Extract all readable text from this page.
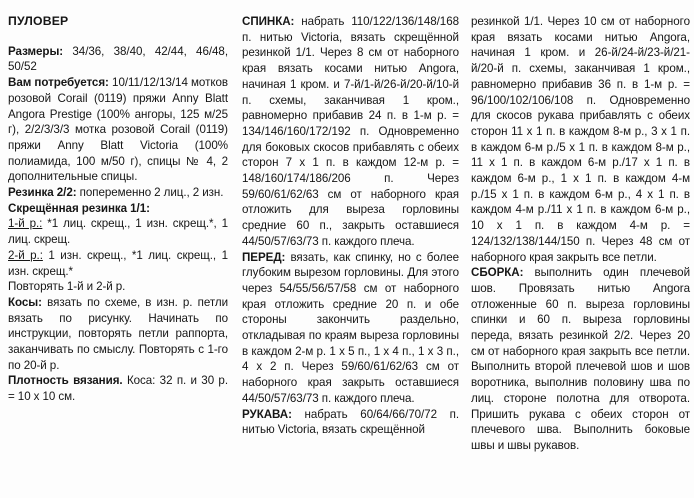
ПУЛОВЕР

Размеры: 34/36, 38/40, 42/44, 46/48, 50/52

Вам потребуется: 10/11/12/13/14 мотков розовой Corail (0119) пряжи Anny Blatt Angora Prestige (100% ангоры, 125 м/25 г), 2/2/3/3/3 мотка розовой Corail (0119) пряжи Anny Blatt Victoria (100% полиамида, 100 м/50 г), спицы № 4, 2 дополнительные спицы.

Резинка 2/2: попеременно 2 лиц., 2 изн.

Скрещённая резинка 1/1:

1-й р.: *1 лиц. скрещ., 1 изн. скрещ.*, 1 лиц. скрещ.

2-й р.: 1 изн. скрещ., *1 лиц. скрещ., 1 изн. скрещ.*

Повторять 1-й и 2-й р.

Косы: вязать по схеме, в изн. р. петли вязать по рисунку. Начинать по инструкции, повторять петли раппорта, заканчивать по смыслу. Повторять с 1-го по 20-й р.

Плотность вязания. Коса: 32 п. и 30 р. = 10 x 10 см.

СПИНКА: набрать 110/122/136/148/168 п. нитью Victoria, вязать скрещённой резинкой 1/1. Через 8 см от наборного края вязать косами нитью Angora, начиная 1 кром. и 7-й/1-й/26-й/20-й/10-й п. схемы, заканчивая 1 кром., равномерно прибавив 24 п. в 1-м р. = 134/146/160/172/192 п. Одновременно для боковых скосов прибавлять с обеих сторон 7 x 1 п. в каждом 12-м р. = 148/160/174/186/206 п. Через 59/60/61/62/63 см от наборного края отложить для выреза горловины средние 60 п., закрыть оставшиеся 44/50/57/63/73 п. каждого плеча.

ПЕРЕД: вязать, как спинку, но с более глубоким вырезом горловины. Для этого через 54/55/56/57/58 см от наборного края отложить средние 20 п. и обе стороны закончить раздельно, откладывая по краям выреза горловины в каждом 2-м р. 1 x 5 п., 1 x 4 п., 1 x 3 п., 4 x 2 п. Через 59/60/61/62/63 см от наборного края закрыть оставшиеся 44/50/57/63/73 п. каждого плеча.

РУКАВА: набрать 60/64/66/70/72 п. нитью Victoria, вязать скрещённой

резинкой 1/1. Через 10 см от наборного края вязать косами нитью Angora, начиная 1 кром. и 26-й/24-й/23-й/21-й/20-й п. схемы, заканчивая 1 кром., равномерно прибавив 36 п. в 1-м р. = 96/100/102/106/108 п. Одновременно для скосов рукава прибавлять с обеих сторон 11 x 1 п. в каждом 8-м р., 3 x 1 п. в каждом 6-м р./5 x 1 п. в каждом 8-м р., 11 x 1 п. в каждом 6-м р./17 x 1 п. в каждом 6-м р., 1 x 1 п. в каждом 4-м р./15 x 1 п. в каждом 6-м р., 4 x 1 п. в каждом 4-м р./11 x 1 п. в каждом 6-м р., 10 x 1 п. в каждом 4-м р. = 124/132/138/144/150 п. Через 48 см от наборного края закрыть все петли.

СБОРКА: выполнить один плечевой шов. Провязать нитью Angora отложенные 60 п. выреза горловины спинки и 60 п. выреза горловины переда, вязать резинкой 2/2. Через 20 см от наборного края закрыть все петли. Выполнить второй плечевой шов и шов воротника, выполнив половину шва по лиц. стороне полотна для отворота. Пришить рукава с обеих сторон от плечевого шва. Выполнить боковые швы и швы рукавов.
